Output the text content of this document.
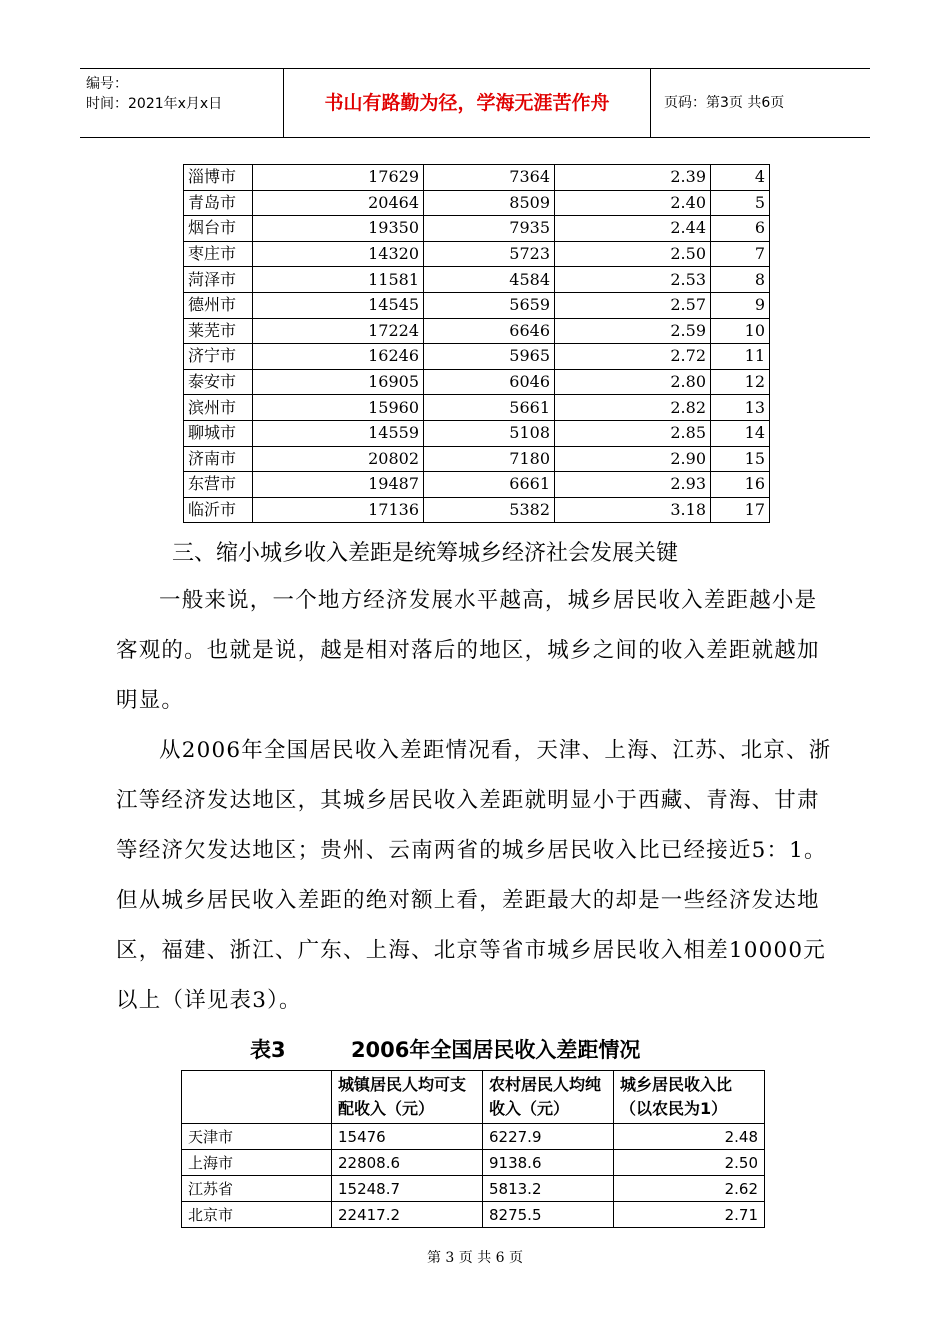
编号：
时间：2021年x月x日	书山有路勤为径，学海无涯苦作舟	页码：第3页 共6页
淄博市	17629	7364	2.39	4
青岛市	20464	8509	2.40	5
烟台市	19350	7935	2.44	6
枣庄市	14320	5723	2.50	7
菏泽市	11581	4584	2.53	8
德州市	14545	5659	2.57	9
莱芜市	17224	6646	2.59	10
济宁市	16246	5965	2.72	11
泰安市	16905	6046	2.80	12
滨州市	15960	5661	2.82	13
聊城市	14559	5108	2.85	14
济南市	20802	7180	2.90	15
东营市	19487	6661	2.93	16
临沂市	17136	5382	3.18	17
三、缩小城乡收入差距是统筹城乡经济社会发展关键

一般来说，一个地方经济发展水平越高，城乡居民收入差距越小是客观的。也就是说，越是相对落后的地区，城乡之间的收入差距就越加明显。

从2006年全国居民收入差距情况看，天津、上海、江苏、北京、浙江等经济发达地区，其城乡居民收入差距就明显小于西藏、青海、甘肃等经济欠发达地区；贵州、云南两省的城乡居民收入比已经接近5：1。但从城乡居民收入差距的绝对额上看，差距最大的却是一些经济发达地区，福建、浙江、广东、上海、北京等省市城乡居民收入相差10000元以上（详见表3）。

表3	2006年全国居民收入差距情况
	城镇居民人均可支配收入（元）	农村居民人均纯收入（元）	城乡居民收入比（以农民为1）
天津市	15476	6227.9	2.48
上海市	22808.6	9138.6	2.50
江苏省	15248.7	5813.2	2.62
北京市	22417.2	8275.5	2.71
第 3 页 共 6 页
